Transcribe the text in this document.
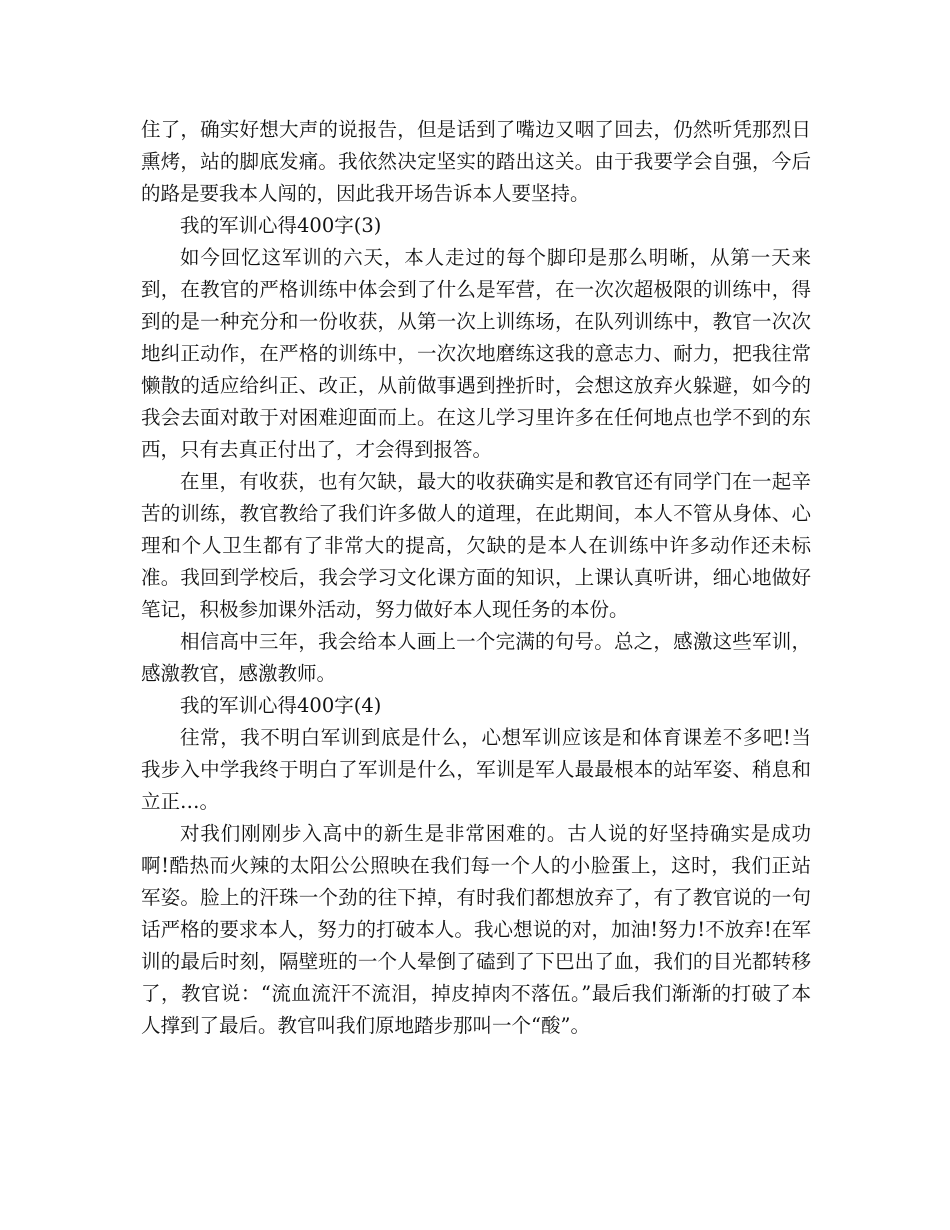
住了，确实好想大声的说报告，但是话到了嘴边又咽了回去，仍然听凭那烈日熏烤，站的脚底发痛。我依然决定坚实的踏出这关。由于我要学会自强，今后的路是要我本人闯的，因此我开场告诉本人要坚持。

我的军训心得400字(3)

如今回忆这军训的六天，本人走过的每个脚印是那么明晰，从第一天来到，在教官的严格训练中体会到了什么是军营，在一次次超极限的训练中，得到的是一种充分和一份收获，从第一次上训练场，在队列训练中，教官一次次地纠正动作，在严格的训练中，一次次地磨练这我的意志力、耐力，把我往常懒散的适应给纠正、改正，从前做事遇到挫折时，会想这放弃火躲避，如今的我会去面对敢于对困难迎面而上。在这儿学习里许多在任何地点也学不到的东西，只有去真正付出了，才会得到报答。

在里，有收获，也有欠缺，最大的收获确实是和教官还有同学门在一起辛苦的训练，教官教给了我们许多做人的道理，在此期间，本人不管从身体、心理和个人卫生都有了非常大的提高，欠缺的是本人在训练中许多动作还未标准。我回到学校后，我会学习文化课方面的知识，上课认真听讲，细心地做好笔记，积极参加课外活动，努力做好本人现任务的本份。

相信高中三年，我会给本人画上一个完满的句号。总之，感激这些军训，感激教官，感激教师。

我的军训心得400字(4)

往常，我不明白军训到底是什么，心想军训应该是和体育课差不多吧!当我步入中学我终于明白了军训是什么，军训是军人最最根本的站军姿、稍息和立正…。

对我们刚刚步入高中的新生是非常困难的。古人说的好坚持确实是成功啊!酷热而火辣的太阳公公照映在我们每一个人的小脸蛋上，这时，我们正站军姿。脸上的汗珠一个劲的往下掉，有时我们都想放弃了，有了教官说的一句话严格的要求本人，努力的打破本人。我心想说的对，加油!努力!不放弃!在军训的最后时刻，隔壁班的一个人晕倒了磕到了下巴出了血，我们的目光都转移了，教官说：“流血流汗不流泪，掉皮掉肉不落伍。”最后我们渐渐的打破了本人撑到了最后。教官叫我们原地踏步那叫一个“酸”。
